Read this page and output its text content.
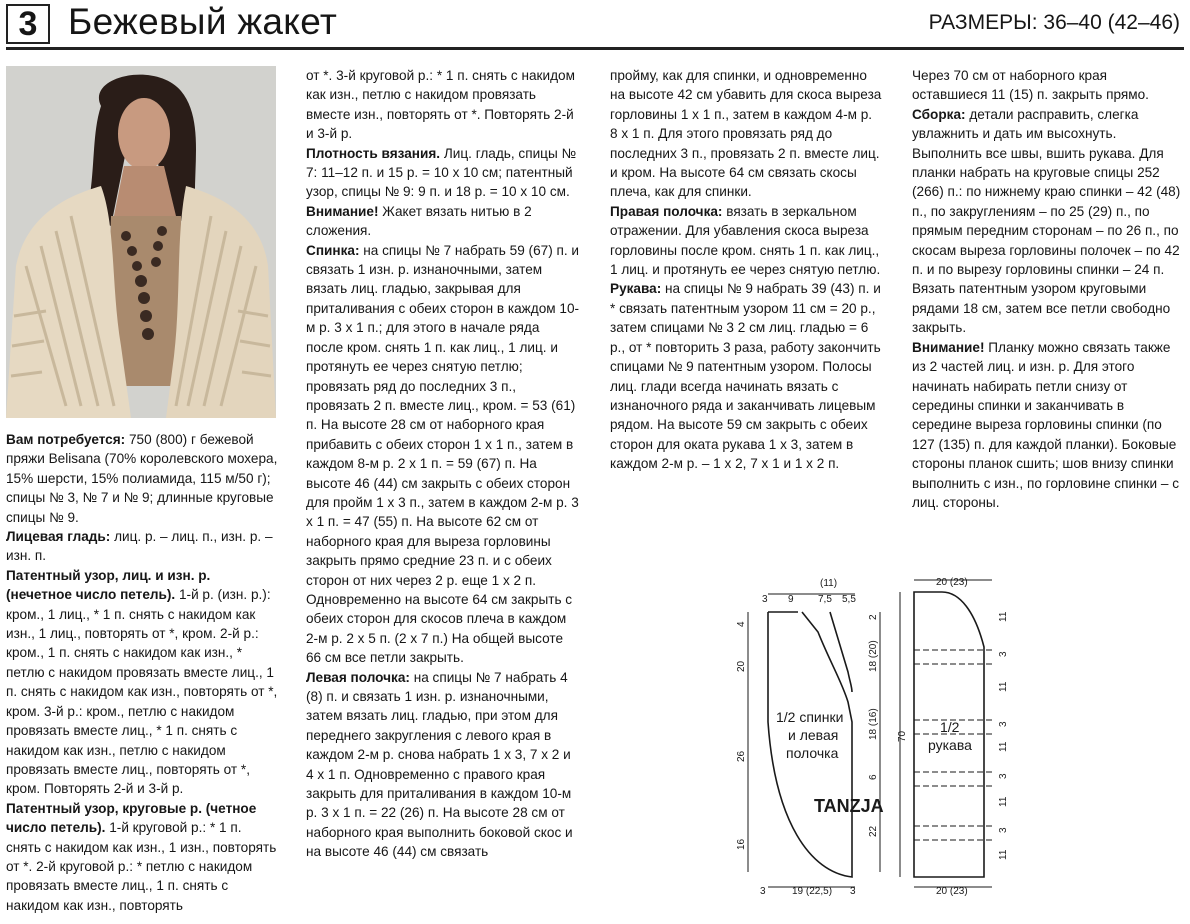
3 Бежевый жакет	РАЗМЕРЫ: 36–40 (42–46)

Вам потребуется: 750 (800) г бежевой пряжи Belisana (70% королевского мохера, 15% шерсти, 15% полиамида, 115 м/50 г); спицы № 3, № 7 и № 9; длинные круговые спицы № 9.

Лицевая гладь: лиц. р. – лиц. п., изн. р. – изн. п.

Патентный узор, лиц. и изн. р. (нечетное число петель). 1-й р. (изн. р.): кром., 1 лиц., * 1 п. снять с накидом как изн., 1 лиц., повторять от *, кром. 2-й р.: кром., 1 п. снять с накидом как изн., * петлю с накидом провязать вместе лиц., 1 п. снять с накидом как изн., повторять от *, кром. 3-й р.: кром., петлю с накидом провязать вместе лиц., * 1 п. снять с накидом как изн., петлю с накидом провязать вместе лиц., повторять от *, кром. Повторять 2-й и 3-й р.

Патентный узор, круговые р. (четное число петель). 1-й круговой р.: * 1 п. снять с накидом как изн., 1 изн., повторять от *. 2-й круговой р.: * петлю с накидом провязать вместе лиц., 1 п. снять с накидом как изн., повторять

от *. 3-й круговой р.: * 1 п. снять с накидом как изн., петлю с накидом провязать вместе изн., повторять от *. Повторять 2-й и 3-й р.

Плотность вязания. Лиц. гладь, спицы № 7: 11–12 п. и 15 р. = 10 х 10 см; патентный узор, спицы № 9: 9 п. и 18 р. = 10 х 10 см.

Внимание! Жакет вязать нитью в 2 сложения.

Спинка: на спицы № 7 набрать 59 (67) п. и связать 1 изн. р. изнаночными, затем вязать лиц. гладью, закрывая для приталивания с обеих сторон в каждом 10-м р. 3 х 1 п.; для этого в начале ряда после кром. снять 1 п. как лиц., 1 лиц. и протянуть ее через снятую петлю; провязать ряд до последних 3 п., провязать 2 п. вместе лиц., кром. = 53 (61) п. На высоте 28 см от наборного края прибавить с обеих сторон 1 х 1 п., затем в каждом 8-м р. 2 х 1 п. = 59 (67) п. На высоте 46 (44) см закрыть с обеих сторон для пройм 1 х 3 п., затем в каждом 2-м р. 3 х 1 п. = 47 (55) п. На высоте 62 см от наборного края для выреза горловины закрыть прямо средние 23 п. и с обеих сторон от них через 2 р. еще 1 х 2 п. Одновременно на высоте 64 см закрыть с обеих сторон для скосов плеча в каждом 2-м р. 2 х 5 п. (2 х 7 п.) На общей высоте 66 см все петли закрыть.

Левая полочка: на спицы № 7 набрать 4 (8) п. и связать 1 изн. р. изнаночными, затем вязать лиц. гладью, при этом для переднего закругления с левого края в каждом 2-м р. снова набрать 1 х 3, 7 х 2 и 4 х 1 п. Одновременно с правого края закрыть для приталивания в каждом 10-м р. 3 х 1 п. = 22 (26) п. На высоте 28 см от наборного края выполнить боковой скос и на высоте 46 (44) см связать

пройму, как для спинки, и одновременно на высоте 42 см убавить для скоса выреза горловины 1 х 1 п., затем в каждом 4-м р. 8 х 1 п. Для этого провязать ряд до последних 3 п., провязать 2 п. вместе лиц. и кром. На высоте 64 см связать скосы плеча, как для спинки.

Правая полочка: вязать в зеркальном отражении. Для убавления скоса выреза горловины после кром. снять 1 п. как лиц., 1 лиц. и протянуть ее через снятую петлю.

Рукава: на спицы № 9 набрать 39 (43) п. и * связать патентным узором 11 см = 20 р., затем спицами № 3 2 см лиц. гладью = 6 р., от * повторить 3 раза, работу закончить спицами № 9 патентным узором. Полосы лиц. глади всегда начинать вязать с изнаночного ряда и заканчивать лицевым рядом. На высоте 59 см закрыть с обеих сторон для оката рукава 1 х 3, затем в каждом 2-м р. – 1 х 2, 7 х 1 и 1 х 2 п.

Через 70 см от наборного края оставшиеся 11 (15) п. закрыть прямо.

Сборка: детали расправить, слегка увлажнить и дать им высохнуть. Выполнить все швы, вшить рукава. Для планки набрать на круговые спицы 252 (266) п.: по нижнему краю спинки – 42 (48) п., по закруглениям – по 25 (29) п., по прямым передним сторонам – по 26 п., по скосам выреза горловины полочек – по 42 п. и по вырезу горловины спинки – 24 п. Вязать патентным узором круговыми рядами 18 см, затем все петли свободно закрыть.

Внимание! Планку можно связать также из 2 частей лиц. и изн. р. Для этого начинать набирать петли снизу от середины спинки и заканчивать в середине выреза горловины спинки (по 127 (135) п. для каждой планки). Боковые стороны планок сшить; шов внизу спинки выполнить с изн., по горловине спинки – с лиц. стороны.

(11)
3 9 7,5 5,5
4
20
26
16
2
18 (20)
18 (16)
6
22
3	19 (22,5) 3
1/2 спинки
и левая
полочка
TANZJA
20 (23)
20 (23)
70
1/2
рукава
11
3
11
3
11
3
11
3
11
